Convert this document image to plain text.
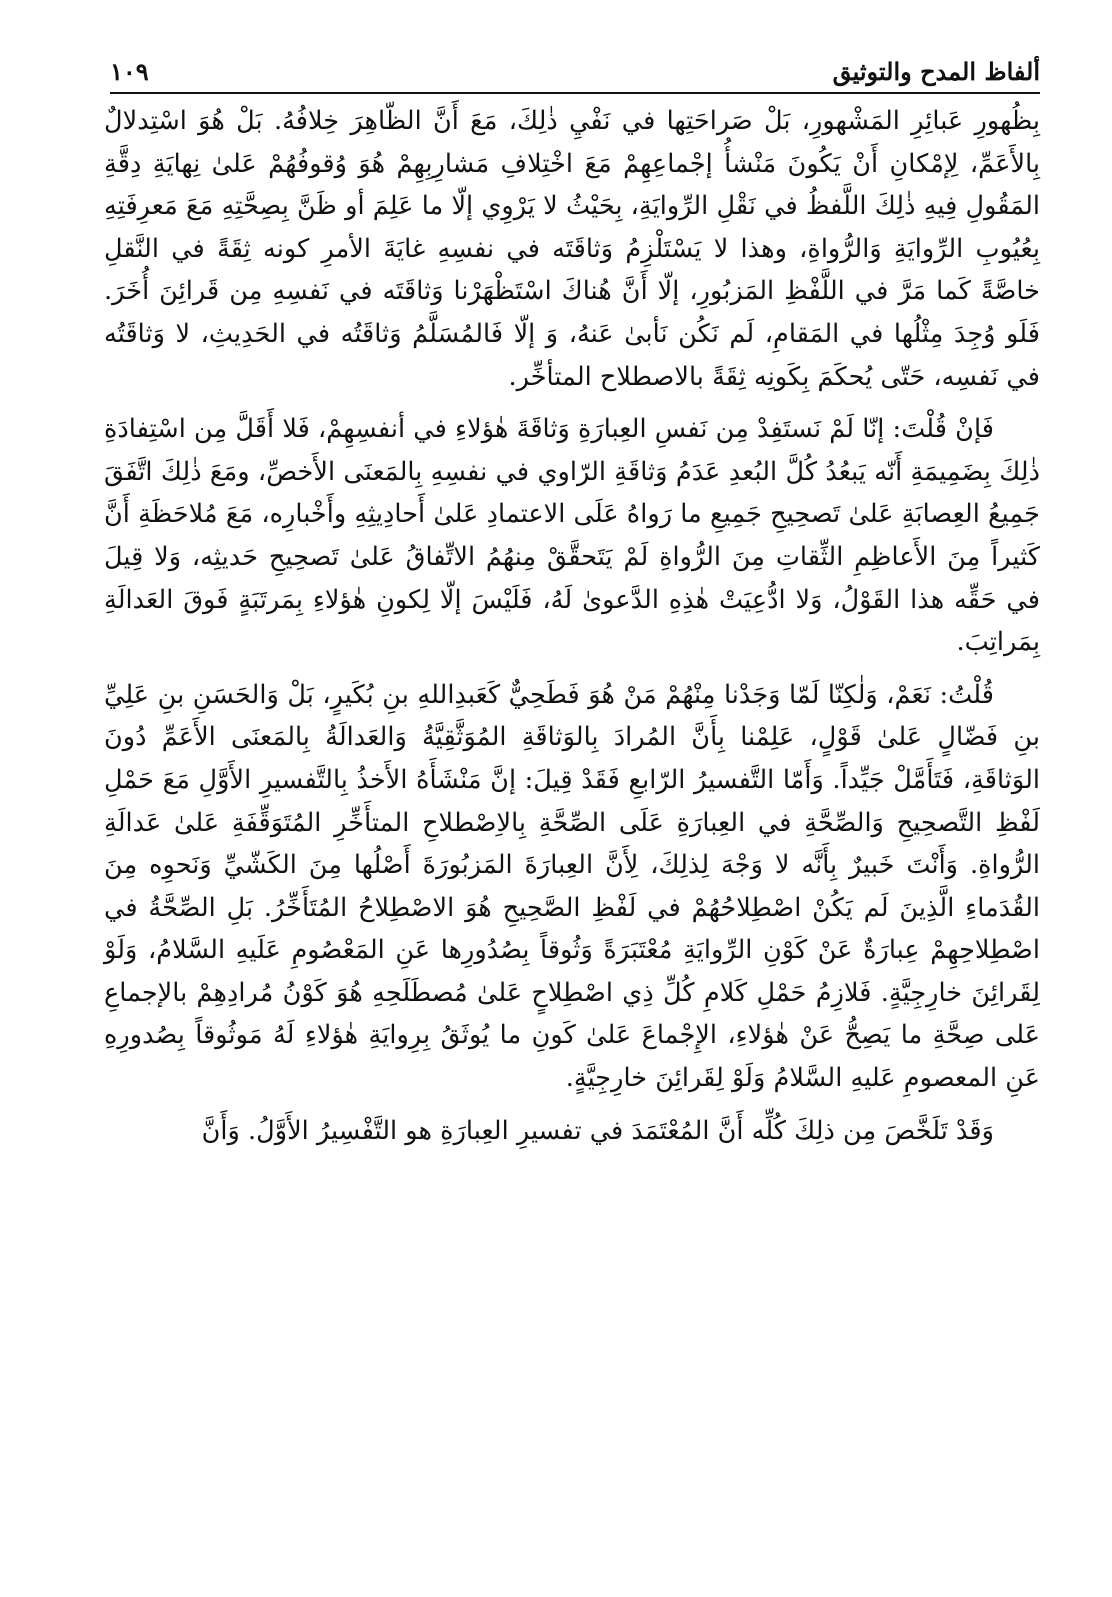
١٠٩	ألفاظ المدح والتوثيق

بِظُهورِ عَبائِرِ المَشْهورِ، بَلْ صَراحَتِها في نَفْيِ ذٰلِكَ، مَعَ أَنَّ الظّاهِرَ خِلافُهُ. بَلْ هُوَ اسْتِدلالٌ بِالأَعَمِّ، لِإمْكانِ أَنْ يَكُونَ مَنْشأُ إجْماعِهِمْ مَعَ اخْتِلافِ مَشارِبِهِمْ هُوَ وُقوفُهُمْ عَلىٰ نِهايَةِ دِقَّةِ المَقُولِ فِيهِ ذٰلِكَ اللَّفظُ في نَقْلِ الرِّوايَةِ، بِحَيْثُ لا يَرْوِي إلّا ما عَلِمَ أو ظَنَّ بِصِحَّتِهِ مَعَ مَعرِفَتِهِ بِعُيُوبِ الرِّوايَةِ وَالرُّواةِ، وهذا لا يَسْتَلْزِمُ وَثاقَتَه في نفسِهِ غايَةَ الأمرِ كونه ثِقَةً في النَّقلِ خاصَّةً كَما مَرَّ في اللَّفْظِ المَزبُورِ، إلّا أَنَّ هُناكَ اسْتَظْهَرْنا وَثاقَتَه في نَفسِهِ مِن قَرائِنَ أُخَرَ. فَلَو وُجِدَ مِثْلُها في المَقامِ، لَم نَكُن نَأبىٰ عَنهُ، وَ إلّا فَالمُسَلَّمُ وَثاقَتُه في الحَدِيثِ، لا وَثاقَتُه في نَفسِه، حَتّى يُحكَمَ بِكَونِه ثِقَةً بالاصطلاح المتأخِّر.

فَإنْ قُلْتَ: إنّا لَمْ نَستَفِدْ مِن نَفسِ العِبارَةِ وَثاقَةَ هٰؤلاءِ في أنفسِهِمْ، فَلا أَقَلَّ مِن اسْتِفادَةِ ذٰلِكَ بِضَمِيمَةِ أَنّه يَبعُدُ كُلَّ البُعدِ عَدَمُ وَثاقَةِ الرّاوي في نفسِهِ بِالمَعنَى الأَخصِّ، ومَعَ ذٰلِكَ اتَّفَقَ جَمِيعُ العِصابَةِ عَلىٰ تَصحِيحِ جَمِيعِ ما رَواهُ عَلَى الاعتمادِ عَلىٰ أَحادِيثِهِ وأَخْبارِه، مَعَ مُلاحَظَةِ أَنَّ كَثيراً مِنَ الأَعاظِمِ الثِّقاتِ مِنَ الرُّواةِ لَمْ يَتَحقَّقْ مِنهُمُ الاتِّفاقُ عَلىٰ تَصحِيحِ حَديثِه، وَلا قِيلَ في حَقِّه هذا القَوْلُ، وَلا ادُّعِيَتْ هٰذِهِ الدَّعوىٰ لَهُ، فَلَيْسَ إلّا لِكونِ هٰؤلاءِ بِمَرتَبَةٍ فَوقَ العَدالَةِ بِمَراتِبَ.

قُلْتُ: نَعَمْ، وَلٰكِنّا لَمّا وَجَدْنا مِنْهُمْ مَنْ هُوَ فَطَحِيٌّ كَعَبدِاللهِ بنِ بُكَيرٍ، بَلْ وَالحَسَنِ بنِ عَلِيِّ بنِ فَضّالٍ عَلىٰ قَوْلٍ، عَلِمْنا بِأَنَّ المُرادَ بِالوَثاقَةِ المُوَثَّقِيَّةُ وَالعَدالَةُ بِالمَعنَى الأَعَمِّ دُونَ الوَثاقَةِ، فَتَأَمَّلْ جَيِّداً. وَأَمّا التَّفسيرُ الرّابعِ فَقَدْ قِيلَ: إنَّ مَنْشَأَهُ الأَخذُ بِالتَّفسيرِ الأَوَّلِ مَعَ حَمْلِ لَفْظِ التَّصحِيحِ وَالصِّحَّةِ في العِبارَةِ عَلَى الصِّحَّةِ بِالاِصْطلاحِ المتأَخِّرِ المُتَوَقِّفَةِ عَلىٰ عَدالَةِ الرُّواةِ. وَأَنْتَ خَبيرٌ بِأَنَّه لا وَجْهَ لِذلِكَ، لِأَنَّ العِبارَةَ المَزبُورَةَ أَصْلُها مِنَ الكَشّيِّ وَنَحوِه مِنَ القُدَماءِ الَّذِينَ لَم يَكُنْ اصْطِلاحُهُمْ في لَفْظِ الصَّحِيحِ هُوَ الاصْطِلاحُ المُتَأَخِّرُ. بَلِ الصِّحَّةُ في اصْطِلاحِهِمْ عِبارَةٌ عَنْ كَوْنِ الرِّوايَةِ مُعْتَبَرَةً وَثُوقاً بِصُدُورِها عَنِ المَعْصُومِ عَلَيهِ السَّلامُ، وَلَوْ لِقَرائِنَ خارِجِيَّةٍ. فَلازِمُ حَمْلِ كَلامِ كُلِّ ذِي اصْطِلاحٍ عَلىٰ مُصطَلَحِهِ هُوَ كَوْنُ مُرادِهِمْ بالإجماعِ عَلى صِحَّةِ ما يَصِحُّ عَنْ هٰؤلاءِ، الإِجْماعَ عَلىٰ كَونِ ما يُوثَقُ بِرِوايَةِ هٰؤلاءِ لَهُ مَوثُوقاً بِصُدورِهِ عَنِ المعصومِ عَليهِ السَّلامُ وَلَوْ لِقَرائِنَ خارِجِيَّةٍ.

وَقَدْ تَلَخَّصَ مِن ذلِكَ كُلِّه أَنَّ المُعْتَمَدَ في تفسيرِ العِبارَةِ هو التَّفْسِيرُ الأَوَّلُ. وَأَنَّ
